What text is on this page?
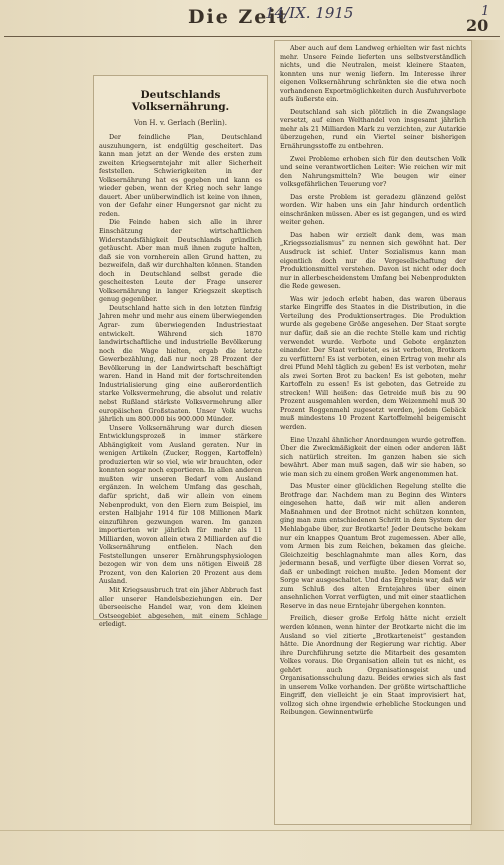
Die Zeit
14/IX. 1915
20
1
Deutschlands Volksernährung.
Von H. v. Gerlach (Berlin).

Der feindliche Plan, Deutschland auszuhungern, ist endgültig gescheitert. Das kann man jetzt an der Wende des ersten zum zweiten Kriegserntejahr mit aller Sicherheit feststellen. Schwierigkeiten in der Volksernährung hat es gegeben und kann es wieder geben, wenn der Krieg noch sehr lange dauert. Aber unüberwindlich ist keine von ihnen, von der Gefahr einer Hungersnot gar nicht zu reden.

Die Feinde haben sich alle in ihrer Einschätzung der wirtschaftlichen Widerstandsfähigkeit Deutschlands gründlich getäuscht. Aber man muß ihnen zugute halten, daß sie von vornherein allen Grund hatten, zu bezweifeln, daß wir durchhalten können. Standen doch in Deutschland selbst gerade die gescheitesten Leute der Frage unserer Volksernährung in langer Kriegszeit skeptisch genug gegenüber.

Deutschland hatte sich in den letzten fünfzig Jahren mehr und mehr aus einem überwiegenden Agrar- zum überwiegenden Industriestaat entwickelt. Während sich 1870 landwirtschaftliche und industrielle Bevölkerung noch die Wage hielten, ergab die letzte Gewerbezählung, daß nur noch 28 Prozent der Bevölkerung in der Landwirtschaft beschäftigt waren. Hand in Hand mit der fortschreitenden Industrialisierung ging eine außerordentlich starke Volksvermehrung, die absolut und relativ nebst Rußland stärkste Volksvermehrung aller europäischen Großstaaten. Unser Volk wuchs jährlich um 800.000 bis 900.000 Münder.

Unsere Volksernährung war durch diesen Entwicklungsprozeß in immer stärkere Abhängigkeit vom Ausland geraten. Nur in wenigen Artikeln (Zucker, Roggen, Kartoffeln) produzierten wir so viel, wie wir brauchten, oder konnten sogar noch exportieren. In allen anderen mußten wir unseren Bedarf vom Ausland ergänzen. In welchem Umfang das geschah, dafür spricht, daß wir allein von einem Nebenprodukt, von den Eiern zum Beispiel, im ersten Halbjahr 1914 für 108 Millionen Mark einzuführen gezwungen waren. Im ganzen importierten wir jährlich für mehr als 11 Milliarden, wovon allein etwa 2 Milliarden auf die Volksernährung entfielen. Nach den Feststellungen unserer Ernährungsphysiologen bezogen wir von dem uns nötigen Eiweiß 28 Prozent, von den Kalorien 20 Prozent aus dem Ausland.

Mit Kriegsausbruch trat ein jäher Abbruch fast aller unserer Handelsbeziehungen ein. Der überseeische Handel war, von dem kleinen Ostseegebiet abgesehen, mit einem Schlage erledigt.

Aber auch auf dem Landweg erhielten wir fast nichts mehr. Unsere Feinde lieferten uns selbstverständlich nichts, und die Neutralen, meist kleinere Staaten, konnten uns nur wenig liefern. Im Interesse ihrer eigenen Volksernährung schränkten sie die etwa noch vorhandenen Exportmöglichkeiten durch Ausfuhrverbote aufs äußerste ein.

Deutschland sah sich plötzlich in die Zwangslage versetzt, auf einen Welthandel von insgesamt jährlich mehr als 21 Milliarden Mark zu verzichten, zur Autarkie überzugehen, rund ein Viertel seiner bisherigen Ernährungsstoffe zu entbehren.

Zwei Probleme erhoben sich für den deutschen Volk und seine verantwortlichen Leiter: Wie reichen wir mit den Nahrungsmitteln? Wie beugen wir einer volksgefährlichen Teuerung vor?

Das erste Problem ist geradezu glänzend gelöst worden. Wir haben uns ein Jahr hindurch ordentlich einschränken müssen. Aber es ist gegangen, und es wird weiter gehen.

Das haben wir erzielt dank dem, was man „Kriegssozialismus“ zu nennen sich gewöhnt hat. Der Ausdruck ist schief. Unter Sozialismus kann man eigentlich doch nur die Vergesellschaftung der Produktionsmittel verstehen. Davon ist nicht oder doch nur in allerbescheidenstem Umfang bei Nebenprodukten die Rede gewesen.

Was wir jedoch erlebt haben, das waren überaus starke Eingriffe des Staates in die Distribution, in die Verteilung des Produktionsertrages. Die Produktion wurde als gegebene Größe angesehen. Der Staat sorgte nur dafür, daß sie an die rechte Stelle kam und richtig verwendet wurde. Verbote und Gebote ergänzten einander. Der Staat verbietet, es ist verboten, Brotkorn zu verfüttern! Es ist verboten, einen Ertrag von mehr als drei Pfund Mehl täglich zu geben! Es ist verboten, mehr als zwei Sorten Brot zu backen! Es ist geboten, mehr Kartoffeln zu essen! Es ist geboten, das Getreide zu strecken! Will heißen: das Getreide muß bis zu 90 Prozent ausgemahlen werden, dem Weizenmehl muß 30 Prozent Roggenmehl zugesetzt werden, jedem Gebäck muß mindestens 10 Prozent Kartoffelmehl beigemischt werden.

Eine Unzahl ähnlicher Anordnungen wurde getroffen. Über die Zweckmäßigkeit der einen oder anderen läßt sich natürlich streiten. Im ganzen haben sie sich bewährt. Aber man muß sagen, daß wir sie haben, so wie man sich zu einem großen Werk angenommen hat.

Das Muster einer glücklichen Regelung stellte die Brotfrage dar. Nachdem man zu Beginn des Winters eingesehen hatte, daß wir mit allen anderen Maßnahmen und der Brotnot nicht schützen konnten, ging man zum entschiedenen Schritt in dem System der Mehlabgabe über, zur Brotkarte! Jeder Deutsche bekam nur ein knappes Quantum Brot zugemessen. Aber alle, vom Armen bis zum Reichen, bekamen das gleiche. Gleichzeitig beschlagnahmte man alles Korn, das jedermann besaß, und verfügte über diesen Vorrat so, daß er unbedingt reichen mußte. Jeden Moment der Sorge war ausgeschaltet. Und das Ergebnis war, daß wir zum Schluß des alten Erntejahres über einen ansehnlichen Vorrat verfügten, und mit einer staatlichen Reserve in das neue Erntejahr übergehen konnten.

Freilich, dieser große Erfolg hätte nicht erzielt werden können, wenn hinter der Brotkarte nicht die im Ausland so viel zitierte „Brotkarteneist“ gestanden hätte. Die Anordnung der Regierung war richtig. Aber ihre Durchführung setzte die Mitarbeit des gesamten Volkes voraus. Die Organisation allein tut es nicht, es gehört auch Organisationsgeist und Organisationsschulung dazu. Beides erwies sich als fast in unserem Volke vorhanden. Der größte wirtschaftliche Eingriff, den vielleicht je ein Staat improvisiert hat, vollzog sich ohne irgendwie erhebliche Stockungen und Reibungen. Gewinnentwürfe
